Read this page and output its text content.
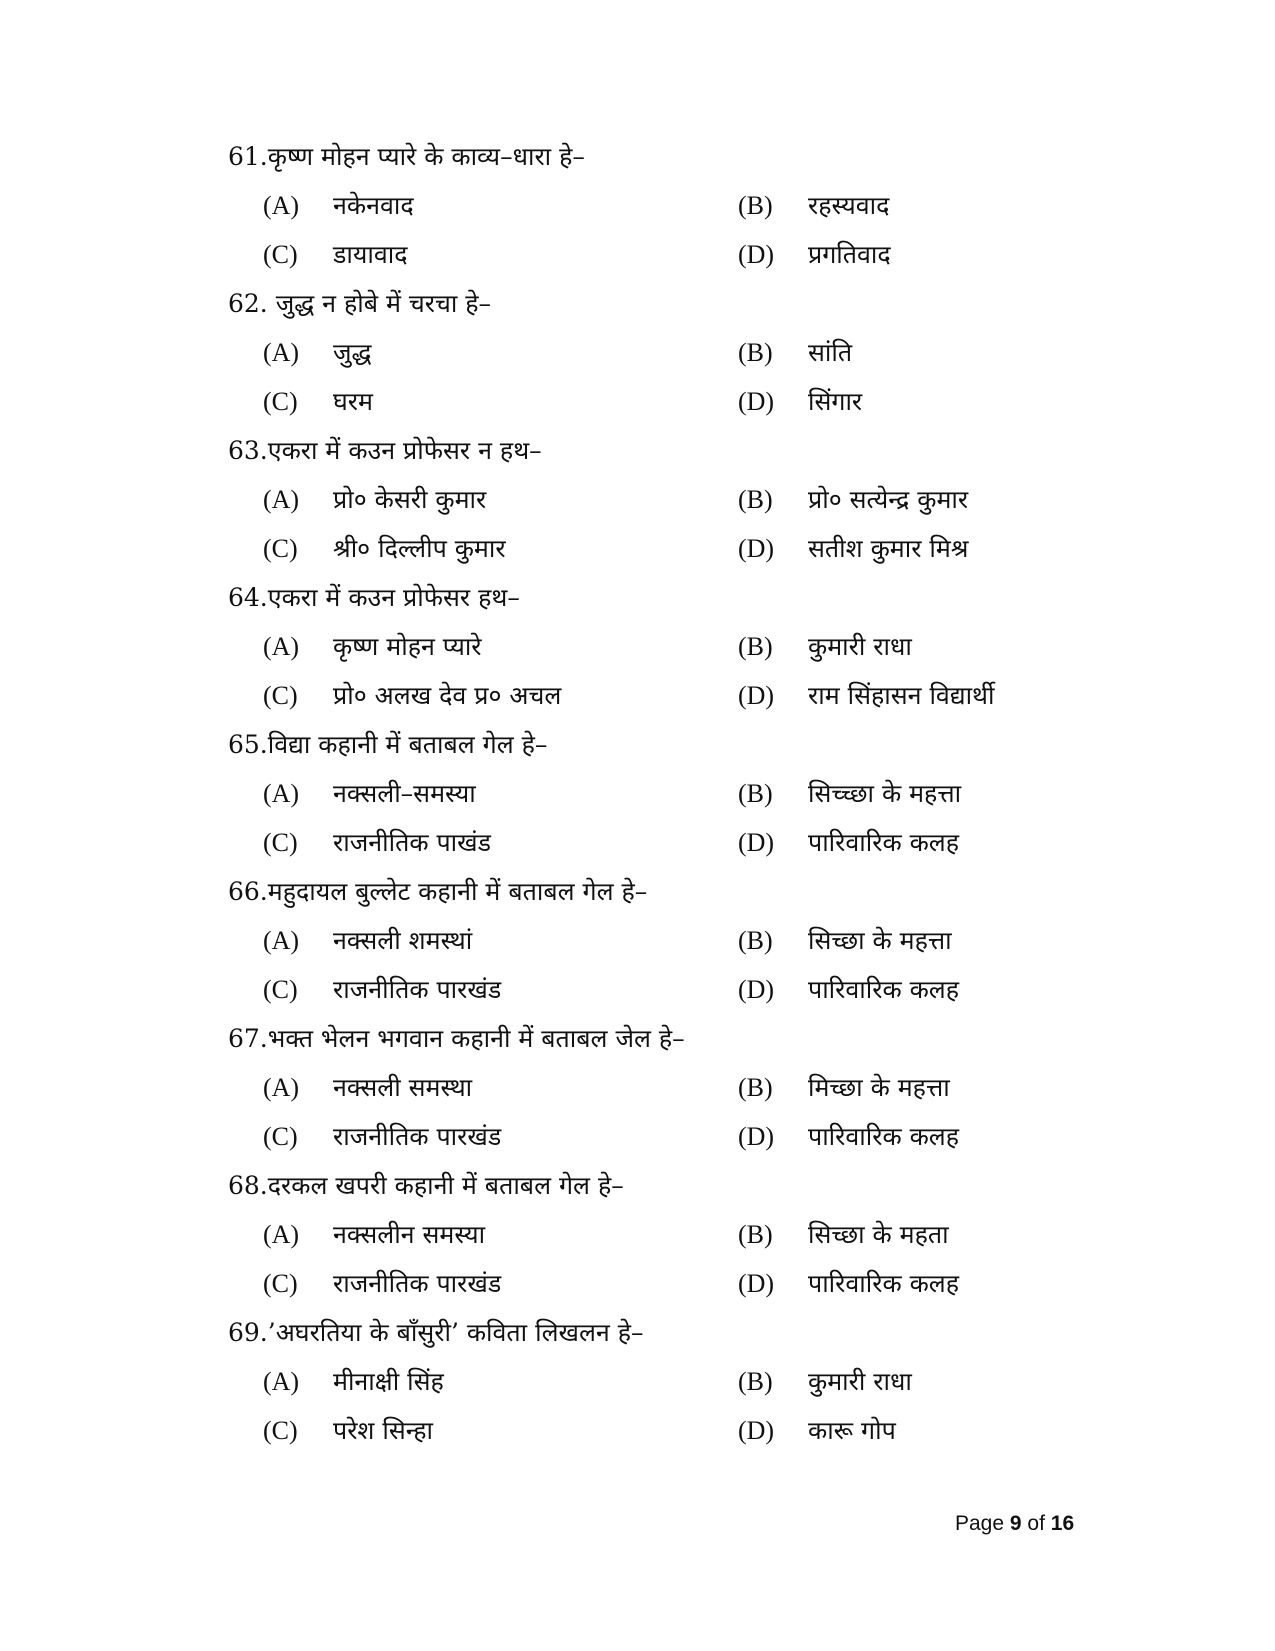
61.कृष्ण मोहन प्यारे के काव्य–धारा हे–
(A)	नकेनवाद	(B)	रहस्यवाद
(C)	डायावाद	(D)	प्रगतिवाद
62. जुद्ध न होबे में चरचा हे–
(A)	जुद्ध	(B)	सांति
(C)	घरम	(D)	सिंगार
63.एकरा में कउन प्रोफेसर न हथ–
(A)	प्रो० केसरी कुमार	(B)	प्रो० सत्येन्द्र कुमार
(C)	श्री० दिल्लीप कुमार	(D)	सतीश कुमार मिश्र
64.एकरा में कउन प्रोफेसर हथ–
(A)	कृष्ण मोहन प्यारे	(B)	कुमारी राधा
(C)	प्रो० अलख देव प्र० अचल	(D)	राम सिंहासन विद्यार्थी
65.विद्या कहानी में बताबल गेल हे–
(A)	नक्सली–समस्या	(B)	सिच्च्छा के महत्ता
(C)	राजनीतिक पाखंड	(D)	पारिवारिक कलह
66.महुदायल बुल्लेट कहानी में बताबल गेल हे–
(A)	नक्सली शमस्थां	(B)	सिच्छा के महत्ता
(C)	राजनीतिक पारखंड	(D)	पारिवारिक कलह
67.भक्त भेलन भगवान कहानी में बताबल जेल हे–
(A)	नक्सली समस्था	(B)	मिच्छा के महत्ता
(C)	राजनीतिक पारखंड	(D)	पारिवारिक कलह
68.दरकल खपरी कहानी में बताबल गेल हे–
(A)	नक्सलीन समस्या	(B)	सिच्छा के महता
(C)	राजनीतिक पारखंड	(D)	पारिवारिक कलह
69.’अघरतिया के बाँसुरी’ कविता लिखलन हे–
(A)	मीनाक्षी सिंह	(B)	कुमारी राधा
(C)	परेश सिन्हा	(D)	कारू गोप
Page 9 of 16
